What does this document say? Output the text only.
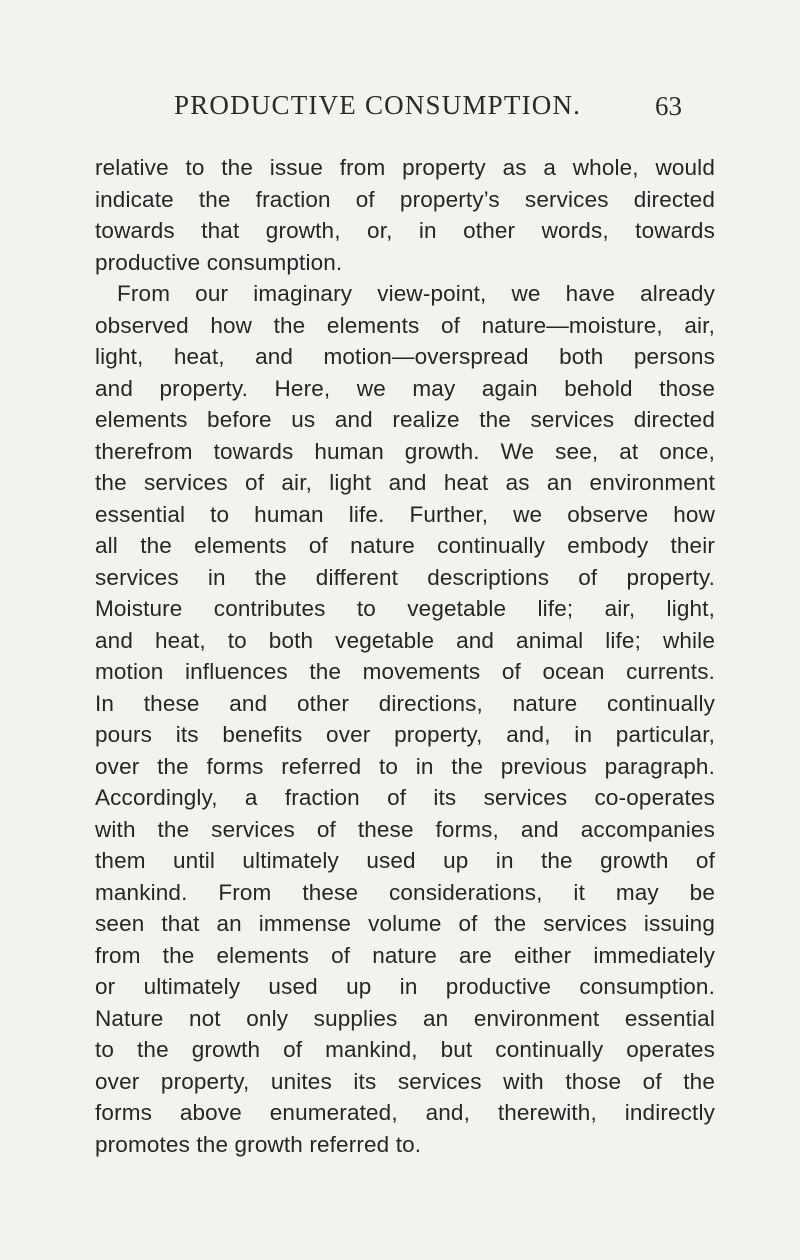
PRODUCTIVE CONSUMPTION.	63
relative to the issue from property as a whole, would
indicate the fraction of property’s services directed
towards that growth, or, in other words, towards
productive consumption.
From our imaginary view-point, we have already
observed how the elements of nature—moisture, air,
light, heat, and motion—overspread both persons
and property. Here, we may again behold those
elements before us and realize the services directed
therefrom towards human growth. We see, at once,
the services of air, light and heat as an environment
essential to human life. Further, we observe how
all the elements of nature continually embody their
services in the different descriptions of property.
Moisture contributes to vegetable life; air, light,
and heat, to both vegetable and animal life; while
motion influences the movements of ocean currents.
In these and other directions, nature continually
pours its benefits over property, and, in particular,
over the forms referred to in the previous paragraph.
Accordingly, a fraction of its services co-operates
with the services of these forms, and accompanies
them until ultimately used up in the growth of
mankind. From these considerations, it may be
seen that an immense volume of the services issuing
from the elements of nature are either immediately
or ultimately used up in productive consumption.
Nature not only supplies an environment essential
to the growth of mankind, but continually operates
over property, unites its services with those of the
forms above enumerated, and, therewith, indirectly
promotes the growth referred to.
